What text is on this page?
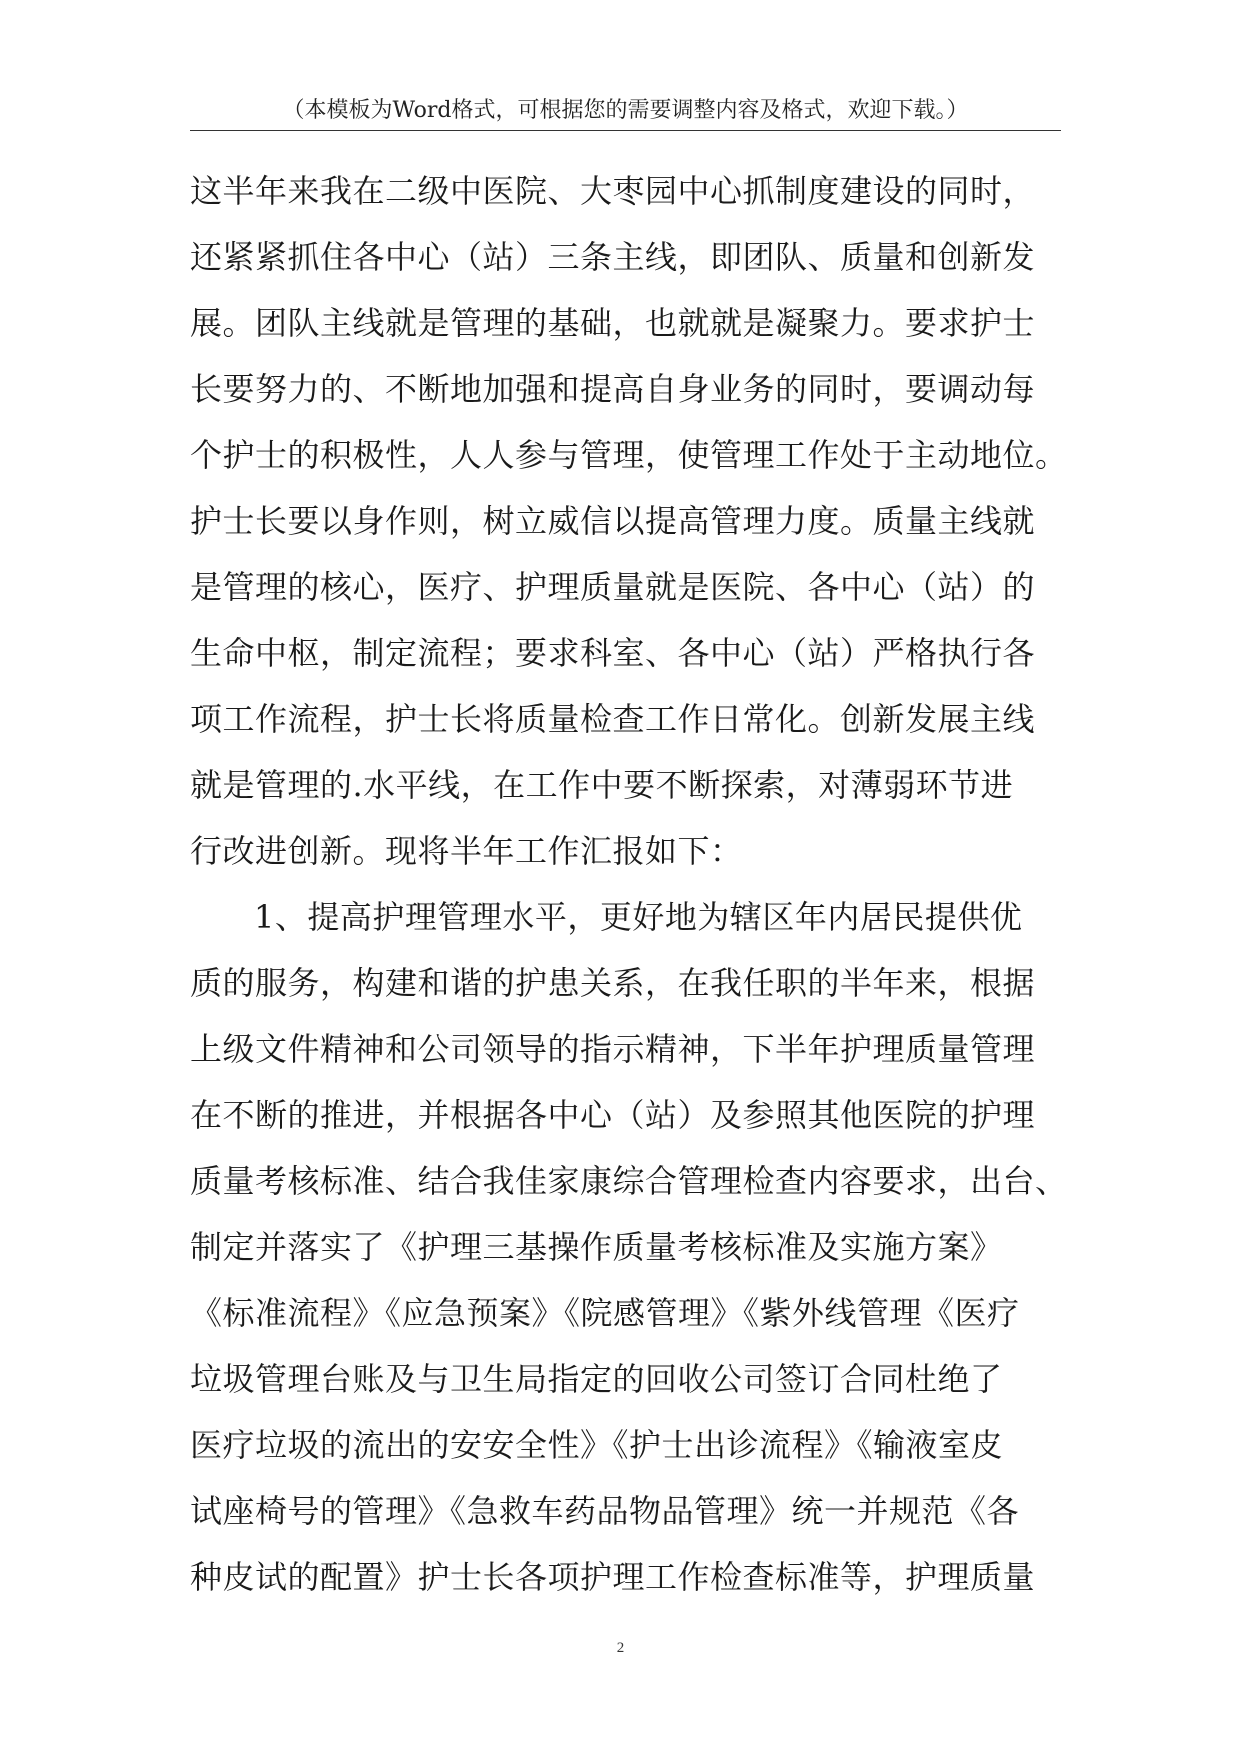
（本模板为Word格式，可根据您的需要调整内容及格式，欢迎下载。）
这半年来我在二级中医院、大枣园中心抓制度建设的同时，
还紧紧抓住各中心（站）三条主线，即团队、质量和创新发
展。团队主线就是管理的基础，也就就是凝聚力。要求护士
长要努力的、不断地加强和提高自身业务的同时，要调动每
个护士的积极性，人人参与管理，使管理工作处于主动地位。
护士长要以身作则，树立威信以提高管理力度。质量主线就
是管理的核心，医疗、护理质量就是医院、各中心（站）的
生命中枢，制定流程；要求科室、各中心（站）严格执行各
项工作流程，护士长将质量检查工作日常化。创新发展主线
就是管理的.水平线，在工作中要不断探索，对薄弱环节进
行改进创新。现将半年工作汇报如下：
1、提高护理管理水平，更好地为辖区年内居民提供优
质的服务，构建和谐的护患关系，在我任职的半年来，根据
上级文件精神和公司领导的指示精神，下半年护理质量管理
在不断的推进，并根据各中心（站）及参照其他医院的护理
质量考核标准、结合我佳家康综合管理检查内容要求，出台、
制定并落实了《护理三基操作质量考核标准及实施方案》
《标准流程》《应急预案》《院感管理》《紫外线管理《医疗
垃圾管理台账及与卫生局指定的回收公司签订合同杜绝了
医疗垃圾的流出的安安全性》《护士出诊流程》《输液室皮
试座椅号的管理》《急救车药品物品管理》统一并规范《各
种皮试的配置》护士长各项护理工作检查标准等，护理质量
2
